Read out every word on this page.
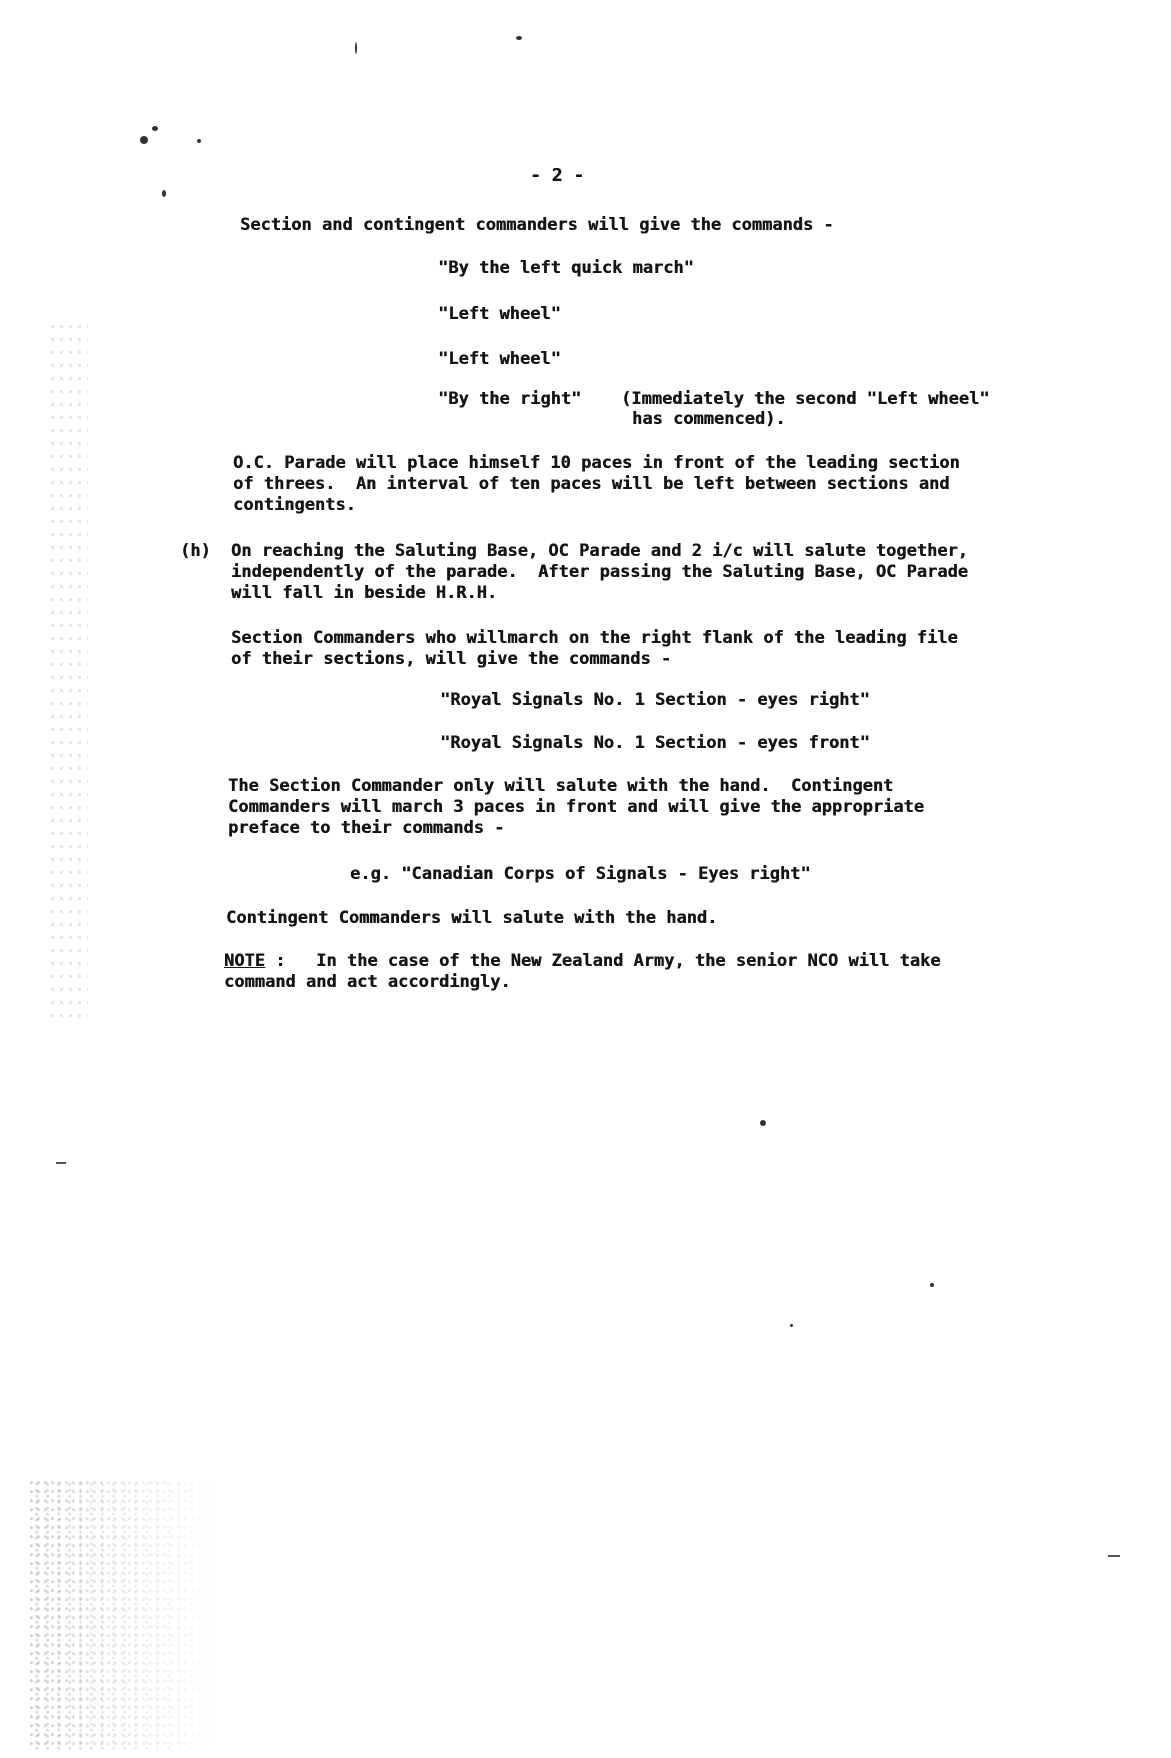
- 2 -

Section and contingent commanders will give the commands -

"By the left quick march"

"Left wheel"

"Left wheel"

"By the right" (Immediately the second "Left wheel"

has commenced).

O.C. Parade will place himself 10 paces in front of the leading section

of threes.  An interval of ten paces will be left between sections and

contingents.

(h) On reaching the Saluting Base, OC Parade and 2 i/c will salute together,

independently of the parade.  After passing the Saluting Base, OC Parade

will fall in beside H.R.H.

Section Commanders who willmarch on the right flank of the leading file

of their sections, will give the commands -

"Royal Signals No. 1 Section - eyes right"

"Royal Signals No. 1 Section - eyes front"

The Section Commander only will salute with the hand.  Contingent

Commanders will march 3 paces in front and will give the appropriate

preface to their commands -

e.g. "Canadian Corps of Signals - Eyes right"

Contingent Commanders will salute with the hand.

NOTE :   In the case of the New Zealand Army, the senior NCO will take

command and act accordingly.
